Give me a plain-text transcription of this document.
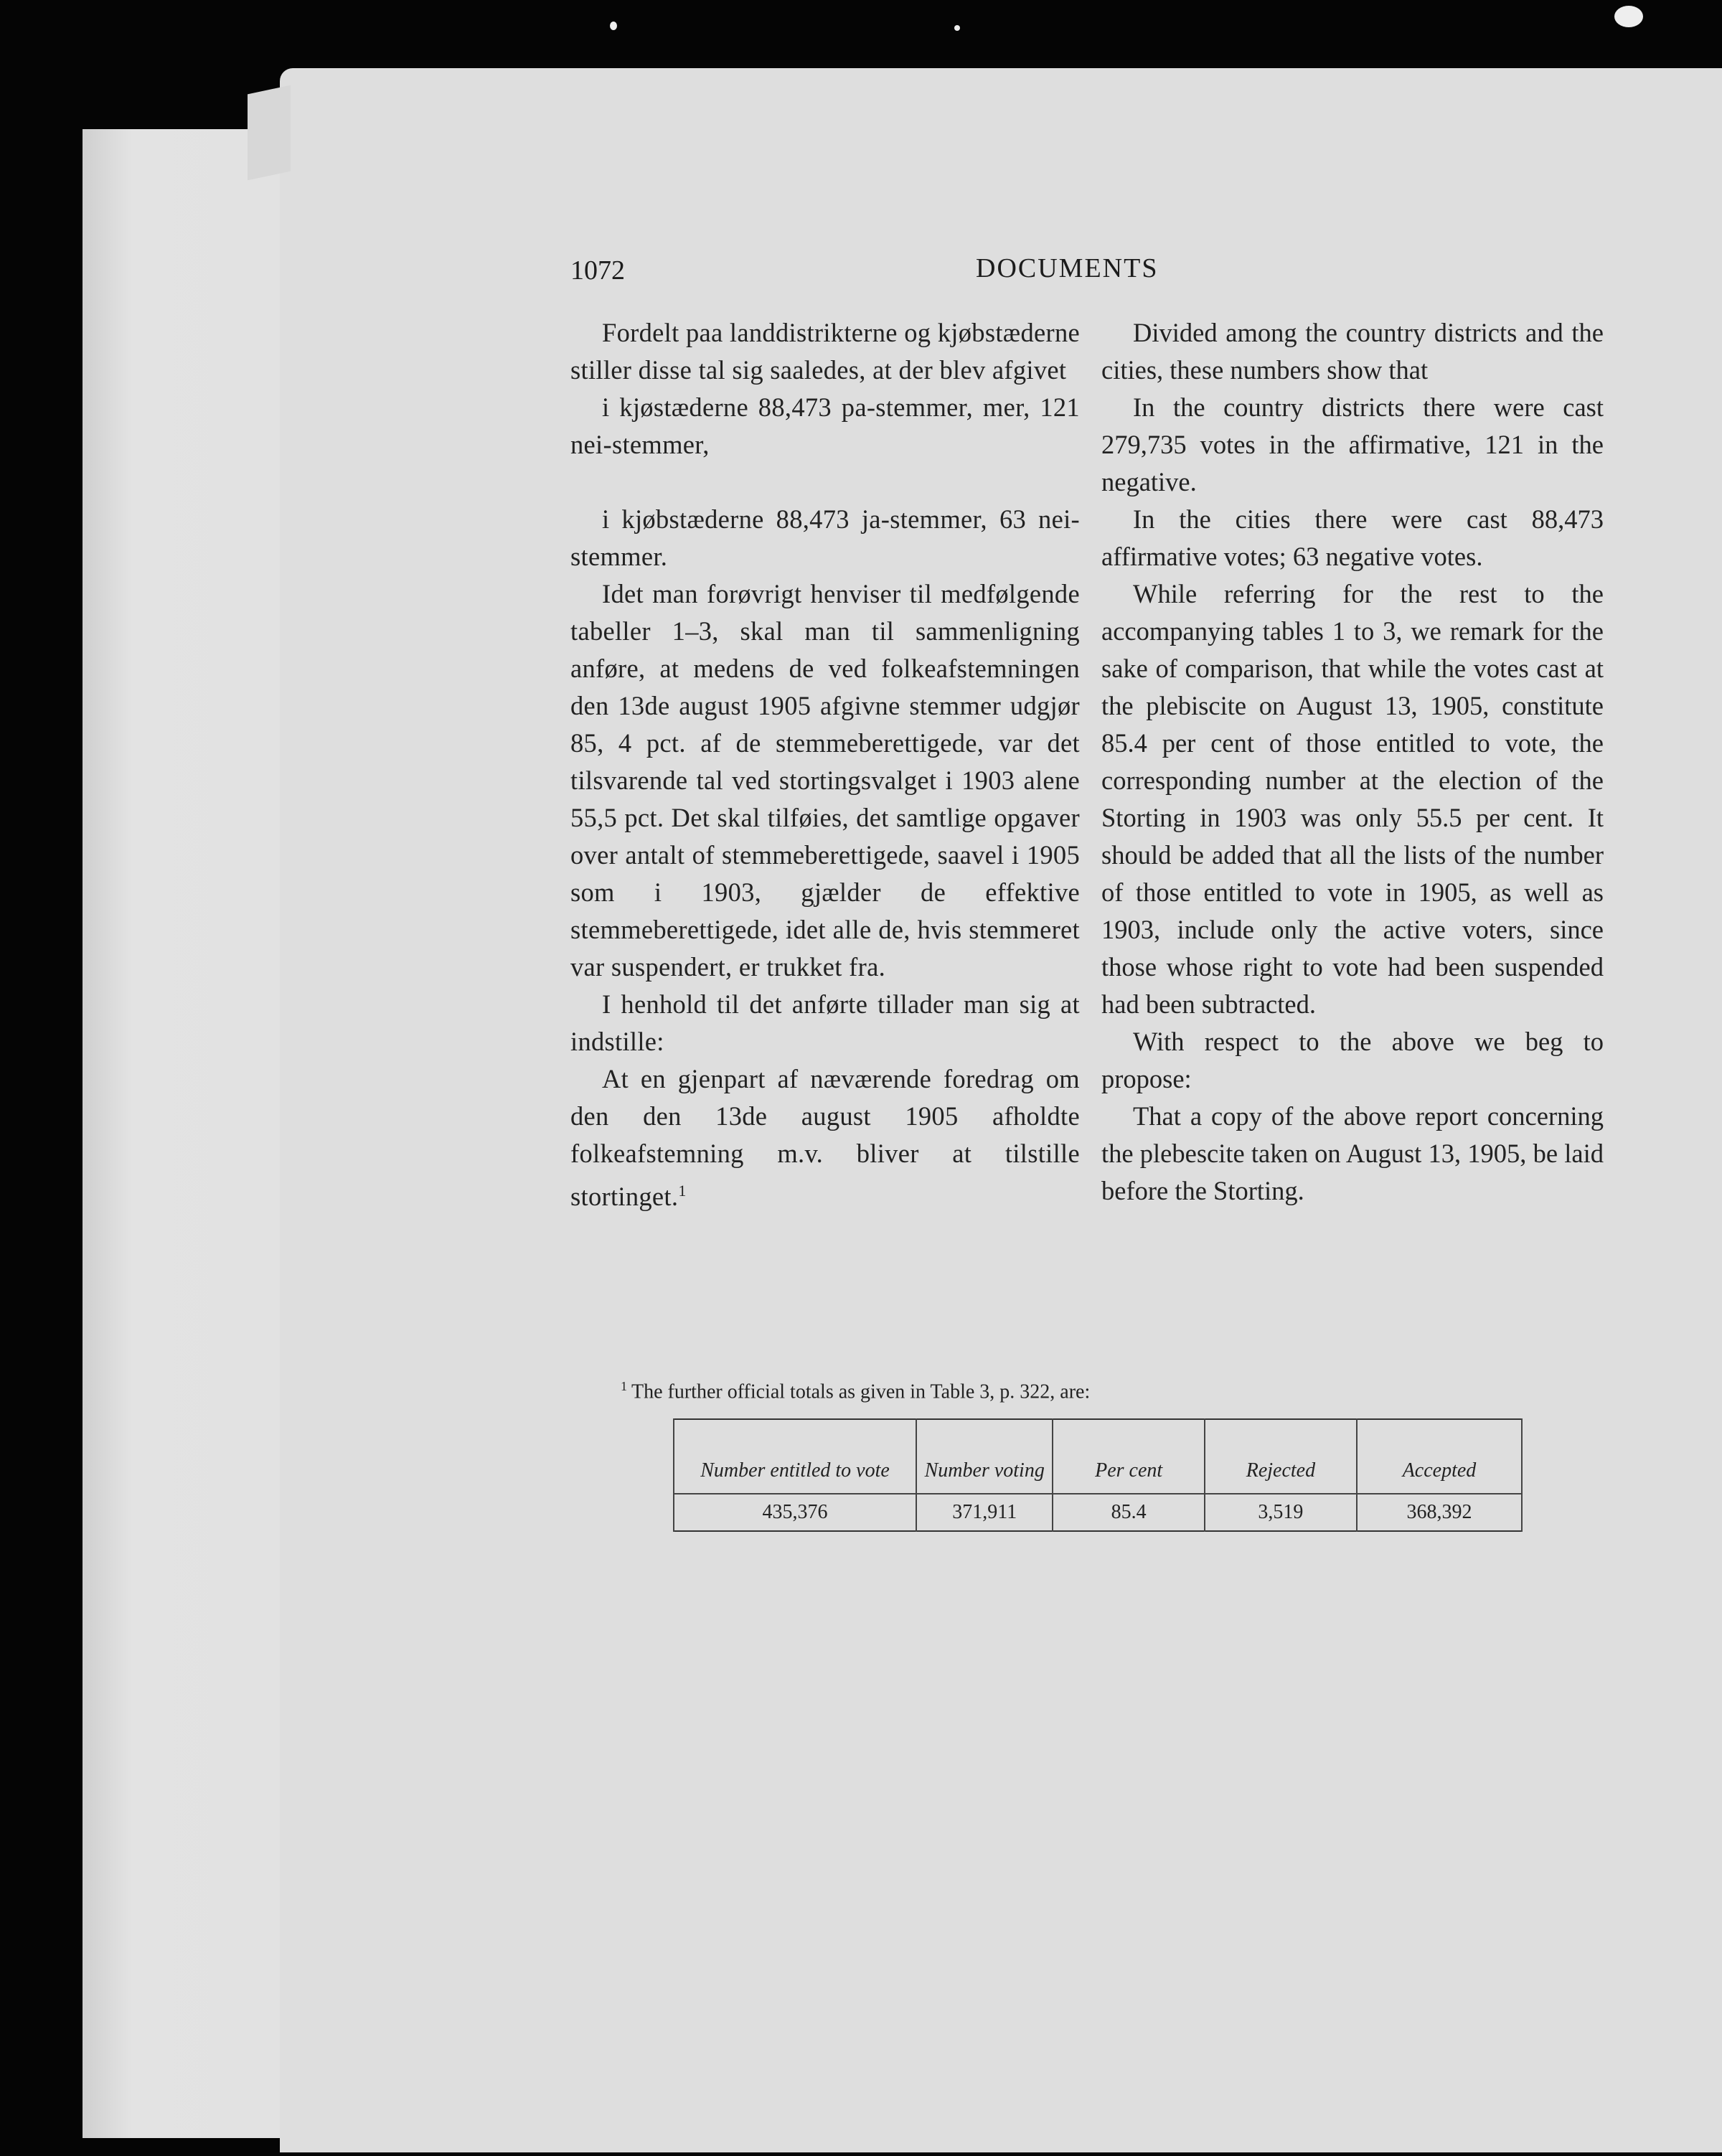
1072	DOCUMENTS

Fordelt paa landdistrikterne og kjøbstæderne stiller disse tal sig saaledes, at der blev afgivet

i kjøstæderne 88,473 pa-stemmer, mer, 121 nei-stemmer,

i kjøbstæderne 88,473 ja-stemmer, 63 nei-stemmer.

Idet man forøvrigt henviser til medfølgende tabeller 1–3, skal man til sammenligning anføre, at medens de ved folkeafstemningen den 13de august 1905 afgivne stemmer udgjør 85, 4 pct. af de stemmeberettigede, var det tilsvarende tal ved stortingsvalget i 1903 alene 55,5 pct. Det skal tilføies, det samtlige opgaver over antalt of stemmeberettigede, saavel i 1905 som i 1903, gjælder de effektive stemmeberettigede, idet alle de, hvis stemmeret var suspendert, er trukket fra.

I henhold til det anførte tillader man sig at indstille:

At en gjenpart af næværende foredrag om den den 13de august 1905 afholdte folkeafstemning m.v. bliver at tilstille stortinget.$^1$

Divided among the country districts and the cities, these numbers show that

In the country districts there were cast 279,735 votes in the affirmative, 121 in the negative.

In the cities there were cast 88,473 affirmative votes; 63 negative votes.

While referring for the rest to the accompanying tables 1 to 3, we remark for the sake of comparison, that while the votes cast at the plebiscite on August 13, 1905, constitute 85.4 per cent of those entitled to vote, the corresponding number at the election of the Storting in 1903 was only 55.5 per cent. It should be added that all the lists of the number of those entitled to vote in 1905, as well as 1903, include only the active voters, since those whose right to vote had been suspended had been subtracted.

With respect to the above we beg to propose:

That a copy of the above report concerning the plebescite taken on August 13, 1905, be laid before the Storting.

$^1$ The further official totals as given in Table 3, p. 322, are:
Number entitled to vote	Number voting	Per cent	Rejected	Accepted
435,376	371,911	85.4	3,519	368,392
